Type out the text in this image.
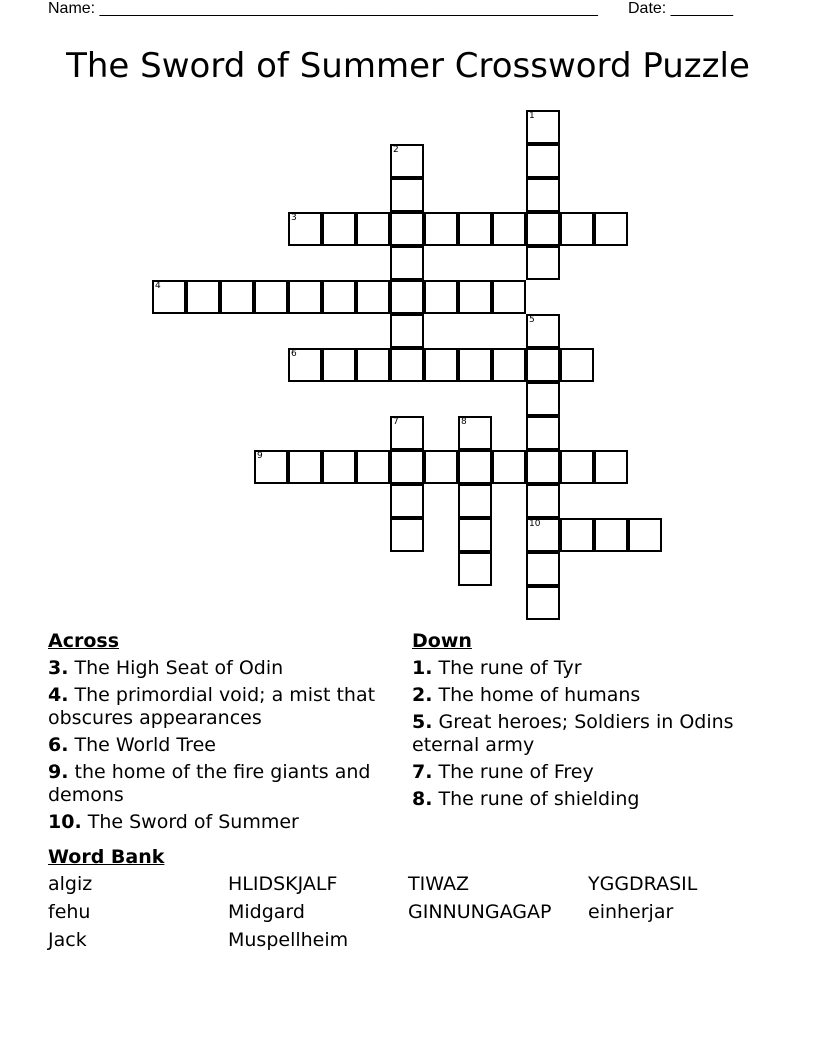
Name: ________________________________________________________ Date: _______
The Sword of Summer Crossword Puzzle
1
2
3
4
5
10
6
7	8
9
Across
3. The High Seat of Odin
4. The primordial void; a mist that obscures appearances
6. The World Tree
9. the home of the fire giants and demons
10. The Sword of Summer
Down
1. The rune of Tyr
2. The home of humans
5. Great heroes; Soldiers in Odins eternal army
7. The rune of Frey
8. The rune of shielding
Word Bank
algiz	HLIDSKJALF	TIWAZ	YGGDRASIL
fehu	Midgard	GINNUNGAGAP	einherjar
Jack	Muspellheim
